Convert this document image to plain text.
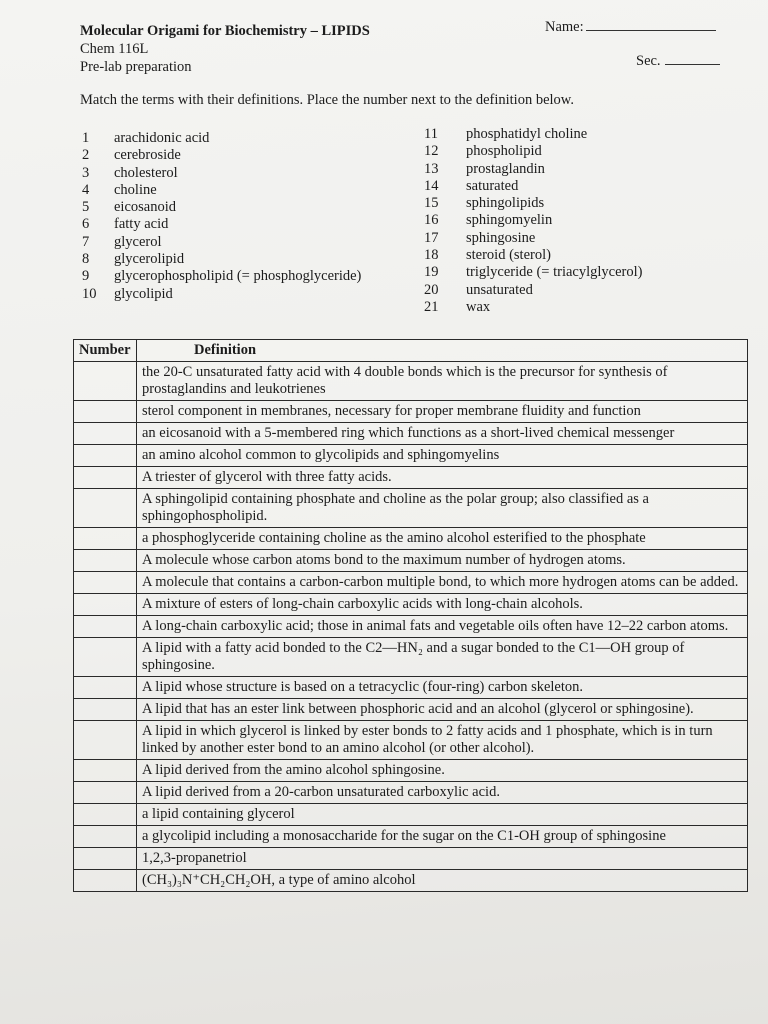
Molecular Origami for Biochemistry – LIPIDS
Chem 116L
Pre-lab preparation
Name:
Sec.
Match the terms with their definitions. Place the number next to the definition below.
1	arachidonic acid
2	cerebroside
3	cholesterol
4	choline
5	eicosanoid
6	fatty acid
7	glycerol
8	glycerolipid
9	glycerophospholipid (= phosphoglyceride)
10	glycolipid
11	phosphatidyl choline
12	phospholipid
13	prostaglandin
14	saturated
15	sphingolipids
16	sphingomyelin
17	sphingosine
18	steroid (sterol)
19	triglyceride (= triacylglycerol)
20	unsaturated
21	wax
Number	Definition
	the 20-C unsaturated fatty acid with 4 double bonds which is the precursor for synthesis of prostaglandins and leukotrienes
	sterol component in membranes, necessary for proper membrane fluidity and function
	an eicosanoid with a 5-membered ring which functions as a short-lived chemical messenger
	an amino alcohol common to glycolipids and sphingomyelins
	A triester of glycerol with three fatty acids.
	A sphingolipid containing phosphate and choline as the polar group; also classified as a sphingophospholipid.
	a phosphoglyceride containing choline as the amino alcohol esterified to the phosphate
	A molecule whose carbon atoms bond to the maximum number of hydrogen atoms.
	A molecule that contains a carbon-carbon multiple bond, to which more hydrogen atoms can be added.
	A mixture of esters of long-chain carboxylic acids with long-chain alcohols.
	A long-chain carboxylic acid; those in animal fats and vegetable oils often have 12–22 carbon atoms.
	A lipid with a fatty acid bonded to the C2—HN₂ and a sugar bonded to the C1—OH group of sphingosine.
	A lipid whose structure is based on a tetracyclic (four-ring) carbon skeleton.
	A lipid that has an ester link between phosphoric acid and an alcohol (glycerol or sphingosine).
	A lipid in which glycerol is linked by ester bonds to 2 fatty acids and 1 phosphate, which is in turn linked by another ester bond to an amino alcohol (or other alcohol).
	A lipid derived from the amino alcohol sphingosine.
	A lipid derived from a 20-carbon unsaturated carboxylic acid.
	a lipid containing glycerol
	a glycolipid including a monosaccharide for the sugar on the C1-OH group of sphingosine
	1,2,3-propanetriol
	(CH₃)₃N⁺CH₂CH₂OH, a type of amino alcohol
